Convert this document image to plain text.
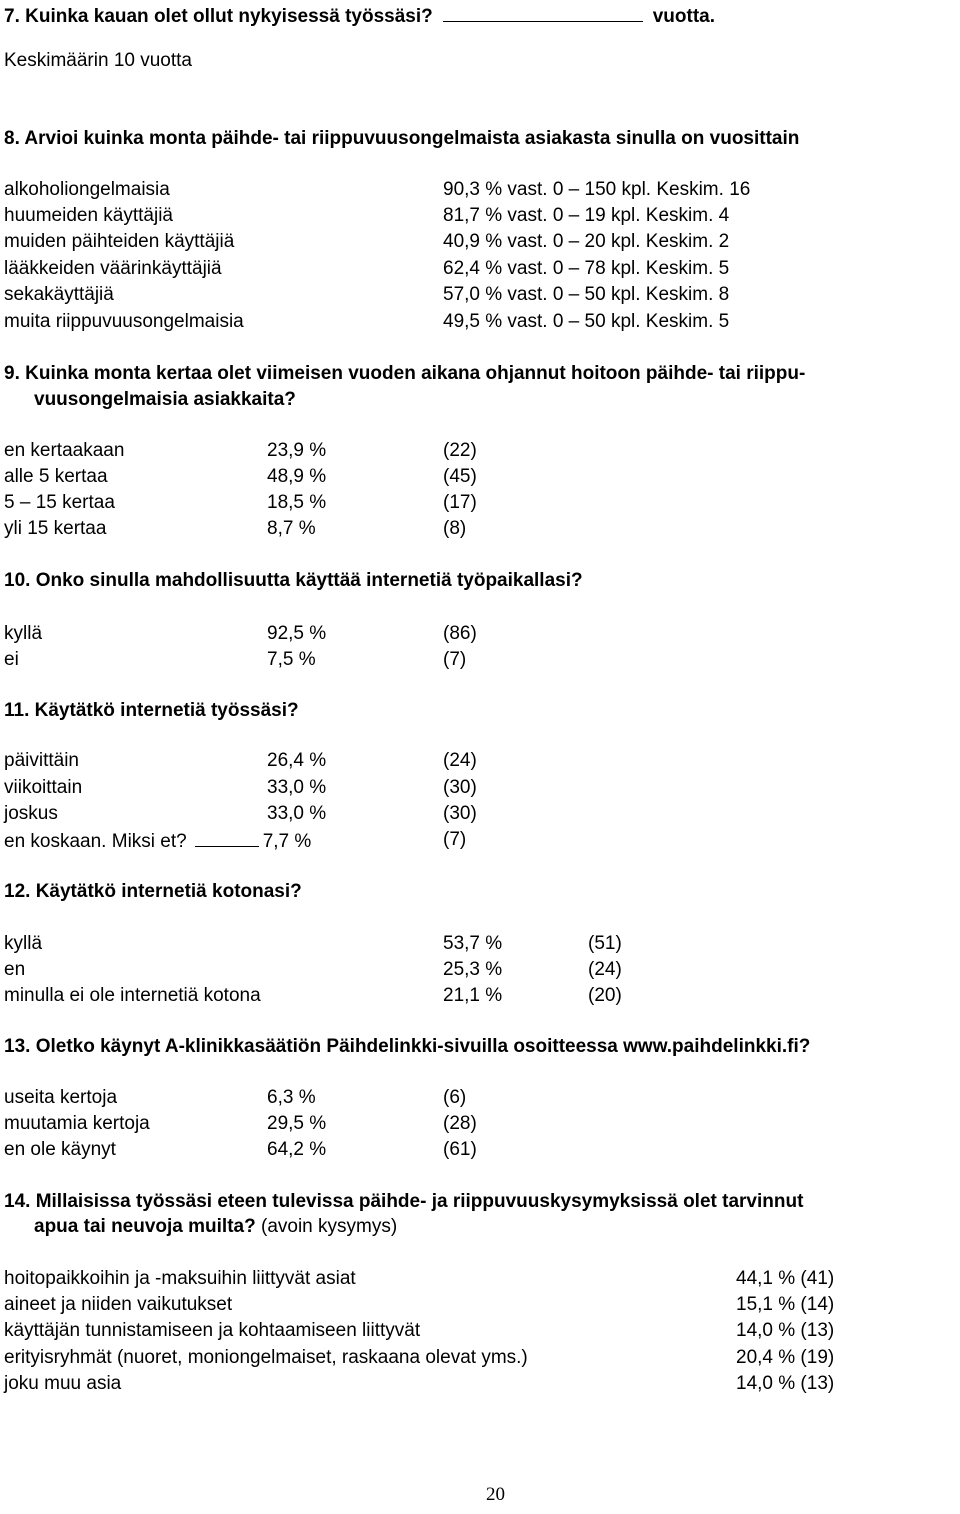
7. Kuinka kauan olet ollut nykyisessä työssäsi?	vuotta.
Keskimäärin 10 vuotta
8. Arvioi kuinka monta päihde- tai riippuvuusongelmaista asiakasta sinulla on vuosittain
alkoholiongelmaisia	90,3 % vast. 0 – 150 kpl. Keskim. 16
huumeiden käyttäjiä	81,7 % vast. 0 – 19 kpl. Keskim. 4
muiden päihteiden käyttäjiä	40,9 % vast. 0 – 20 kpl. Keskim. 2
lääkkeiden väärinkäyttäjiä	62,4 % vast. 0 – 78 kpl. Keskim. 5
sekakäyttäjiä	57,0 % vast. 0 – 50 kpl. Keskim. 8
muita riippuvuusongelmaisia	49,5 % vast. 0 – 50 kpl. Keskim. 5
9. Kuinka monta kertaa olet viimeisen vuoden aikana ohjannut hoitoon päihde- tai riippu-
vuusongelmaisia asiakkaita?
en kertaakaan	23,9 %	(22)
alle 5 kertaa	48,9 %	(45)
5 – 15 kertaa	18,5 %	(17)
yli 15 kertaa	8,7 %	(8)
10. Onko sinulla mahdollisuutta käyttää internetiä työpaikallasi?
kyllä	92,5 %	(86)
ei	7,5 %	(7)
11. Käytätkö internetiä työssäsi?
päivittäin	26,4 %	(24)
viikoittain	33,0 %	(30)
joskus	33,0 %	(30)
en koskaan. Miksi et?	7,7 %	(7)
12. Käytätkö internetiä kotonasi?
kyllä	53,7 %	(51)
en	25,3 %	(24)
minulla ei ole internetiä kotona	21,1 %	(20)
13. Oletko käynyt A-klinikkasäätiön Päihdelinkki-sivuilla osoitteessa www.paihdelinkki.fi?
useita kertoja	6,3 %	(6)
muutamia kertoja	29,5 %	(28)
en ole käynyt	64,2 %	(61)
14. Millaisissa työssäsi eteen tulevissa päihde- ja riippuvuuskysymyksissä olet tarvinnut
apua tai neuvoja muilta? (avoin kysymys)
hoitopaikkoihin ja -maksuihin liittyvät asiat	44,1 % (41)
aineet ja niiden vaikutukset	15,1 % (14)
käyttäjän tunnistamiseen ja kohtaamiseen liittyvät	14,0 % (13)
erityisryhmät (nuoret, moniongelmaiset, raskaana olevat yms.)	20,4 % (19)
joku muu asia	14,0 % (13)
20
